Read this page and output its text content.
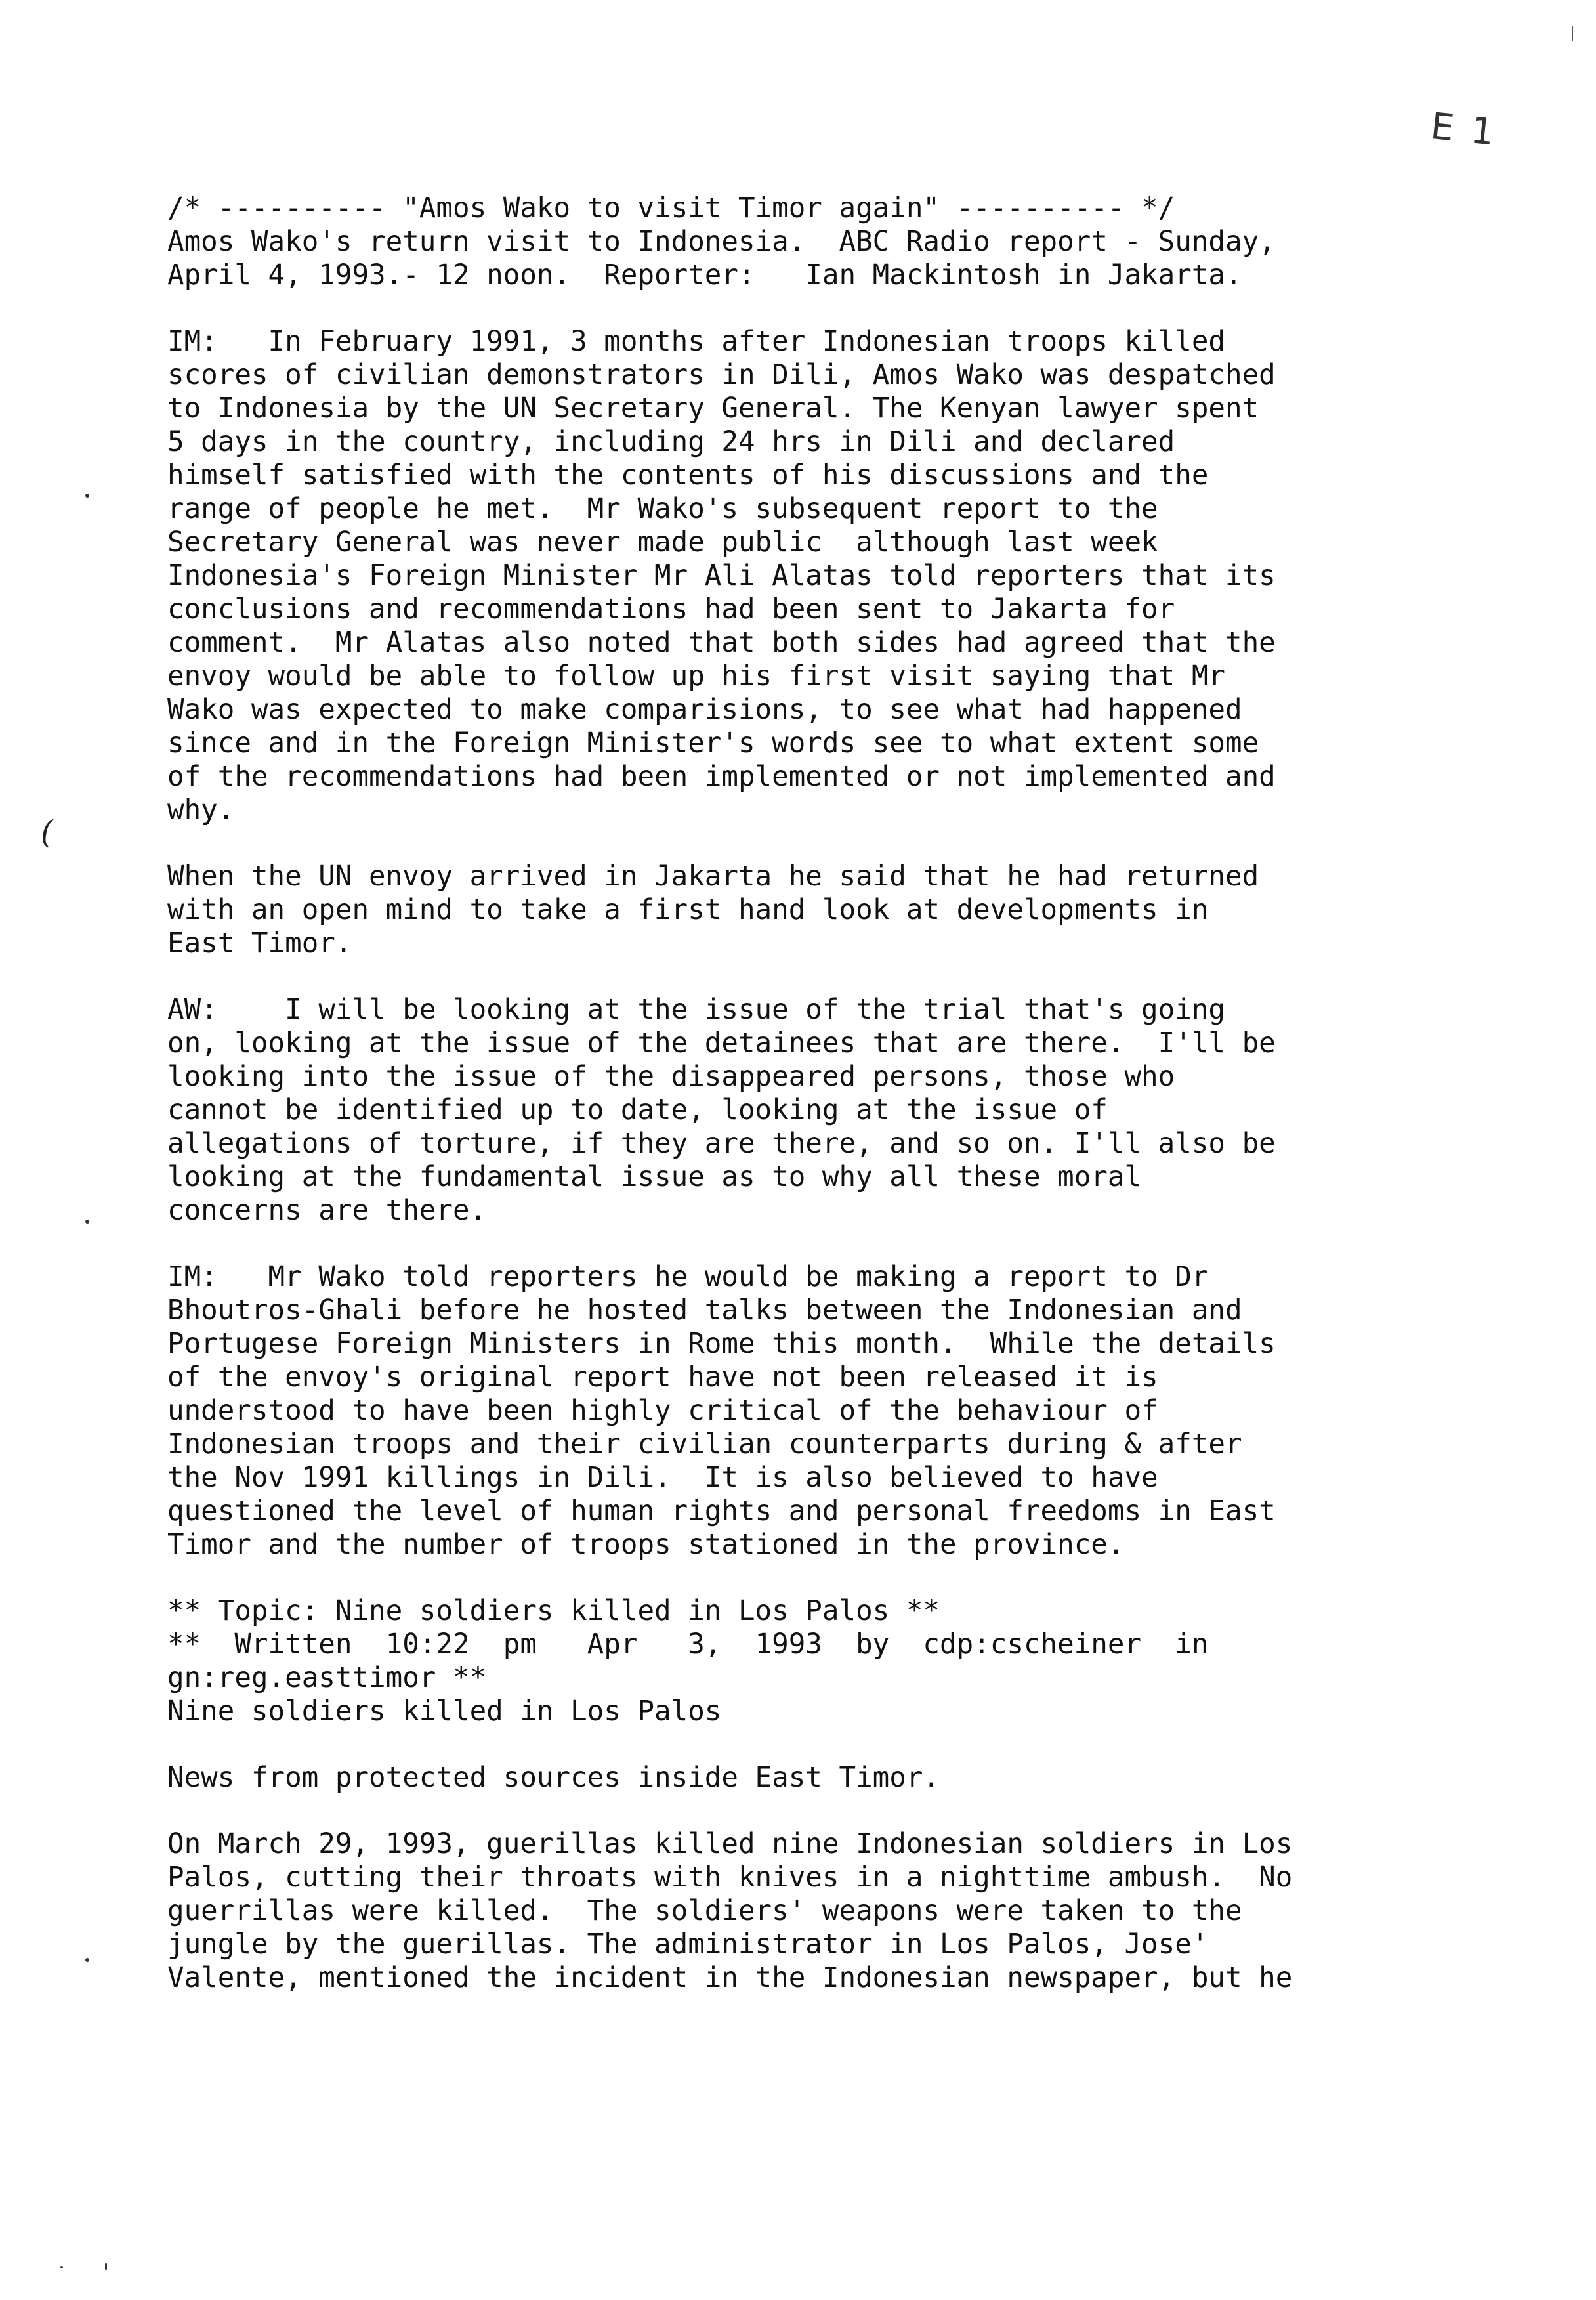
E 1
(

/* ---------- "Amos Wako to visit Timor again" ---------- */
Amos Wako's return visit to Indonesia.  ABC Radio report - Sunday,
April 4, 1993.- 12 noon.  Reporter:   Ian Mackintosh in Jakarta.

IM:   In February 1991, 3 months after Indonesian troops killed
scores of civilian demonstrators in Dili, Amos Wako was despatched
to Indonesia by the UN Secretary General. The Kenyan lawyer spent
5 days in the country, including 24 hrs in Dili and declared
himself satisfied with the contents of his discussions and the
range of people he met.  Mr Wako's subsequent report to the
Secretary General was never made public  although last week
Indonesia's Foreign Minister Mr Ali Alatas told reporters that its
conclusions and recommendations had been sent to Jakarta for
comment.  Mr Alatas also noted that both sides had agreed that the
envoy would be able to follow up his first visit saying that Mr
Wako was expected to make comparisions, to see what had happened
since and in the Foreign Minister's words see to what extent some
of the recommendations had been implemented or not implemented and
why.

When the UN envoy arrived in Jakarta he said that he had returned
with an open mind to take a first hand look at developments in
East Timor.

AW:    I will be looking at the issue of the trial that's going
on, looking at the issue of the detainees that are there.  I'll be
looking into the issue of the disappeared persons, those who
cannot be identified up to date, looking at the issue of
allegations of torture, if they are there, and so on. I'll also be
looking at the fundamental issue as to why all these moral
concerns are there.

IM:   Mr Wako told reporters he would be making a report to Dr
Bhoutros-Ghali before he hosted talks between the Indonesian and
Portugese Foreign Ministers in Rome this month.  While the details
of the envoy's original report have not been released it is
understood to have been highly critical of the behaviour of
Indonesian troops and their civilian counterparts during & after
the Nov 1991 killings in Dili.  It is also believed to have
questioned the level of human rights and personal freedoms in East
Timor and the number of troops stationed in the province.

** Topic: Nine soldiers killed in Los Palos **
**  Written  10:22  pm   Apr   3,  1993  by  cdp:cscheiner  in
gn:reg.easttimor **
Nine soldiers killed in Los Palos

News from protected sources inside East Timor.

On March 29, 1993, guerillas killed nine Indonesian soldiers in Los
Palos, cutting their throats with knives in a nighttime ambush.  No
guerrillas were killed.  The soldiers' weapons were taken to the
jungle by the guerillas. The administrator in Los Palos, Jose'
Valente, mentioned the incident in the Indonesian newspaper, but he
